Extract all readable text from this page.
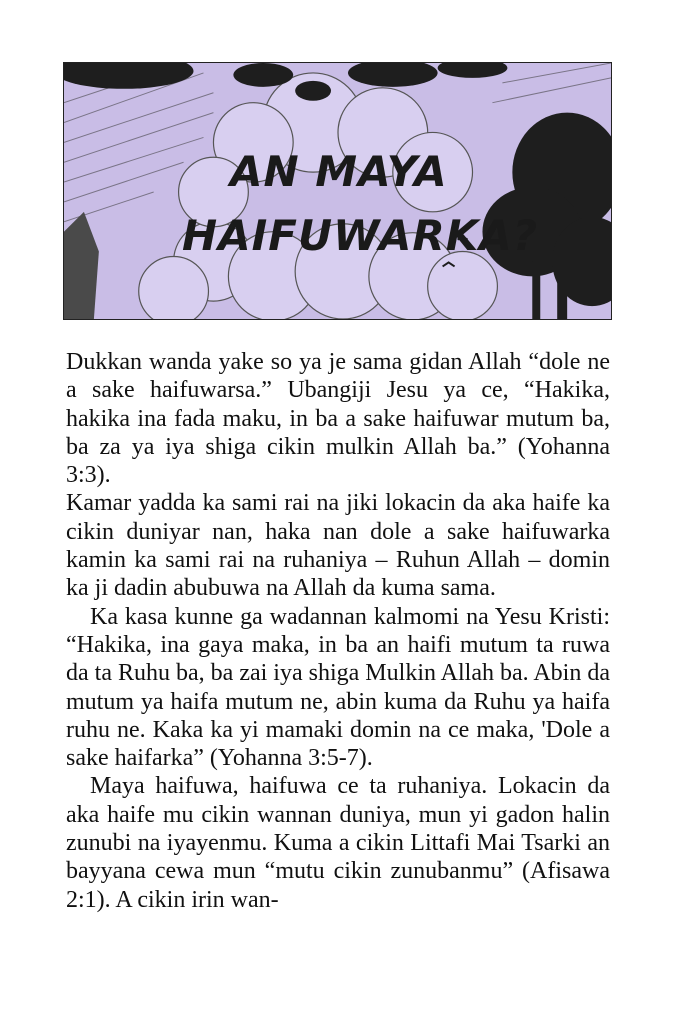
AN MAYA
HAIFUWARKA?

Dukkan wanda yake so ya je sama gidan Allah “dole ne a sake haifuwarsa.” Ubangiji Jesu ya ce, “Hakika, hakika ina fada maku, in ba a sake haifuwar mutum ba, ba za ya iya shiga cikin mulkin Allah ba.” (Yohanna 3:3).

Kamar yadda ka sami rai na jiki lokacin da aka haife ka cikin duniyar nan, haka nan dole a sake haifuwarka kamin ka sami rai na ruhaniya – Ruhun Allah – domin ka ji dadin abubuwa na Allah da kuma sama.

Ka kasa kunne ga wadannan kalmomi na Yesu Kristi: “Hakika, ina gaya maka, in ba an haifi mutum ta ruwa da ta Ruhu ba, ba zai iya shiga Mulkin Allah ba. Abin da mutum ya haifa mutum ne, abin kuma da Ruhu ya haifa ruhu ne. Kaka ka yi mamaki domin na ce maka, 'Dole a sake haifarka” (Yohanna 3:5-7).

Maya haifuwa, haifuwa ce ta ruhaniya. Lokacin da aka haife mu cikin wannan duniya, mun yi gadon halin zunubi na iyayenmu. Kuma a cikin Littafi Mai Tsarki an bayyana cewa mun “mutu cikin zunubanmu” (Afisawa 2:1). A cikin irin wan-
